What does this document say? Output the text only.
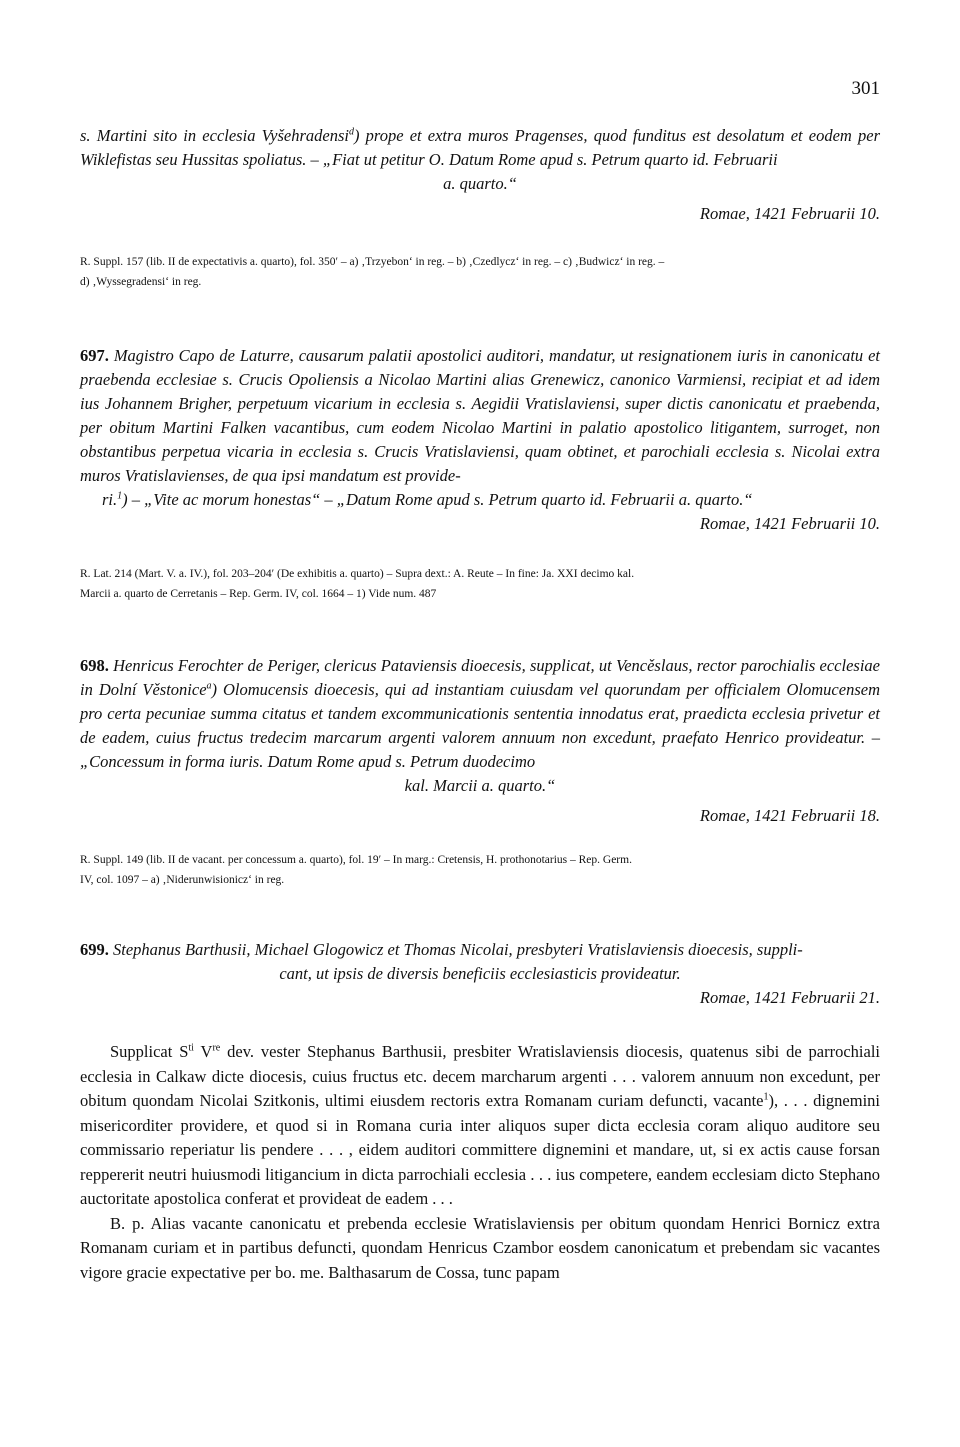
301

s. Martini sito in ecclesia Vyšehradensi$^d$) prope et extra muros Pragenses, quod funditus est desolatum et eodem per Wiklefistas seu Hussitas spoliatus. – „Fiat ut petitur O. Datum Rome apud s. Petrum quarto id. Februarii

a. quarto.“

Romae, 1421 Februarii 10.

R. Suppl. 157 (lib. II de expectativis a. quarto), fol. 350′ – a) ‚Trzyebon‘ in reg. – b) ‚Czedlycz‘ in reg. – c) ‚Budwicz‘ in reg. –

d) ‚Wyssegradensi‘ in reg.

697. Magistro Capo de Laturre, causarum palatii apostolici auditori, mandatur, ut resignationem iuris in canonicatu et praebenda ecclesiae s. Crucis Opoliensis a Nicolao Martini alias Grenewicz, canonico Varmiensi, recipiat et ad idem ius Johannem Brigher, perpetuum vicarium in ecclesia s. Aegidii Vratislaviensi, super dictis canonicatu et praebenda, per obitum Martini Falken vacantibus, cum eodem Nicolao Martini in palatio apostolico litigantem, surroget, non obstantibus perpetua vicaria in ecclesia s. Crucis Vratislaviensi, quam obtinet, et parochiali ecclesia s. Nicolai extra muros Vratislavienses, de qua ipsi mandatum est provide-

ri.$^1$) – „Vite ac morum honestas“ – „Datum Rome apud s. Petrum quarto id. Februarii a. quarto.“

Romae, 1421 Februarii 10.

R. Lat. 214 (Mart. V. a. IV.), fol. 203–204′ (De exhibitis a. quarto) – Supra dext.: A. Reute – In fine: Ja. XXI decimo kal.

Marcii a. quarto de Cerretanis – Rep. Germ. IV, col. 1664 – 1) Vide num. 487

698. Henricus Ferochter de Periger, clericus Pataviensis dioecesis, supplicat, ut Vencěslaus, rector parochialis ecclesiae in Dolní Věstonice$^a$) Olomucensis dioecesis, qui ad instantiam cuiusdam vel quorundam per officialem Olomucensem pro certa pecuniae summa citatus et tandem excommunicationis sententia innodatus erat, praedicta ecclesia privetur et de eadem, cuius fructus tredecim marcarum argenti valorem annuum non excedunt, praefato Henrico provideatur. – „Concessum in forma iuris. Datum Rome apud s. Petrum duodecimo

kal. Marcii a. quarto.“

Romae, 1421 Februarii 18.

R. Suppl. 149 (lib. II de vacant. per concessum a. quarto), fol. 19′ – In marg.: Cretensis, H. prothonotarius – Rep. Germ.

IV, col. 1097 – a) ‚Niderunwisionicz‘ in reg.

699. Stephanus Barthusii, Michael Glogowicz et Thomas Nicolai, presbyteri Vratislaviensis dioecesis, suppli-

cant, ut ipsis de diversis beneficiis ecclesiasticis provideatur.

Romae, 1421 Februarii 21.

Supplicat $S^{ti}$ Vre dev. vester Stephanus Barthusii, presbiter Wratislaviensis diocesis, quatenus sibi de parrochiali ecclesia in Calkaw dicte diocesis, cuius fructus etc. decem marcharum argenti . . . valorem annuum non excedunt, per obitum quondam Nicolai Szitkonis, ultimi eiusdem rectoris extra Romanam curiam defuncti, vacante$^1$), . . . dignemini misericorditer providere, et quod si in Romana curia inter aliquos super dicta ecclesia coram aliquo auditore seu commissario reperiatur lis pendere . . . , eidem auditori committere dignemini et mandare, ut, si ex actis cause forsan reppererit neutri huiusmodi litigancium in dicta parrochiali ecclesia . . . ius competere, eandem ecclesiam dicto Stephano auctoritate apostolica conferat et provideat de eadem . . .

B. p. Alias vacante canonicatu et prebenda ecclesie Wratislaviensis per obitum quondam Henrici Bornicz extra Romanam curiam et in partibus defuncti, quondam Henricus Czambor eosdem canonicatum et prebendam sic vacantes vigore gracie expectative per bo. me. Balthasarum de Cossa, tunc papam
